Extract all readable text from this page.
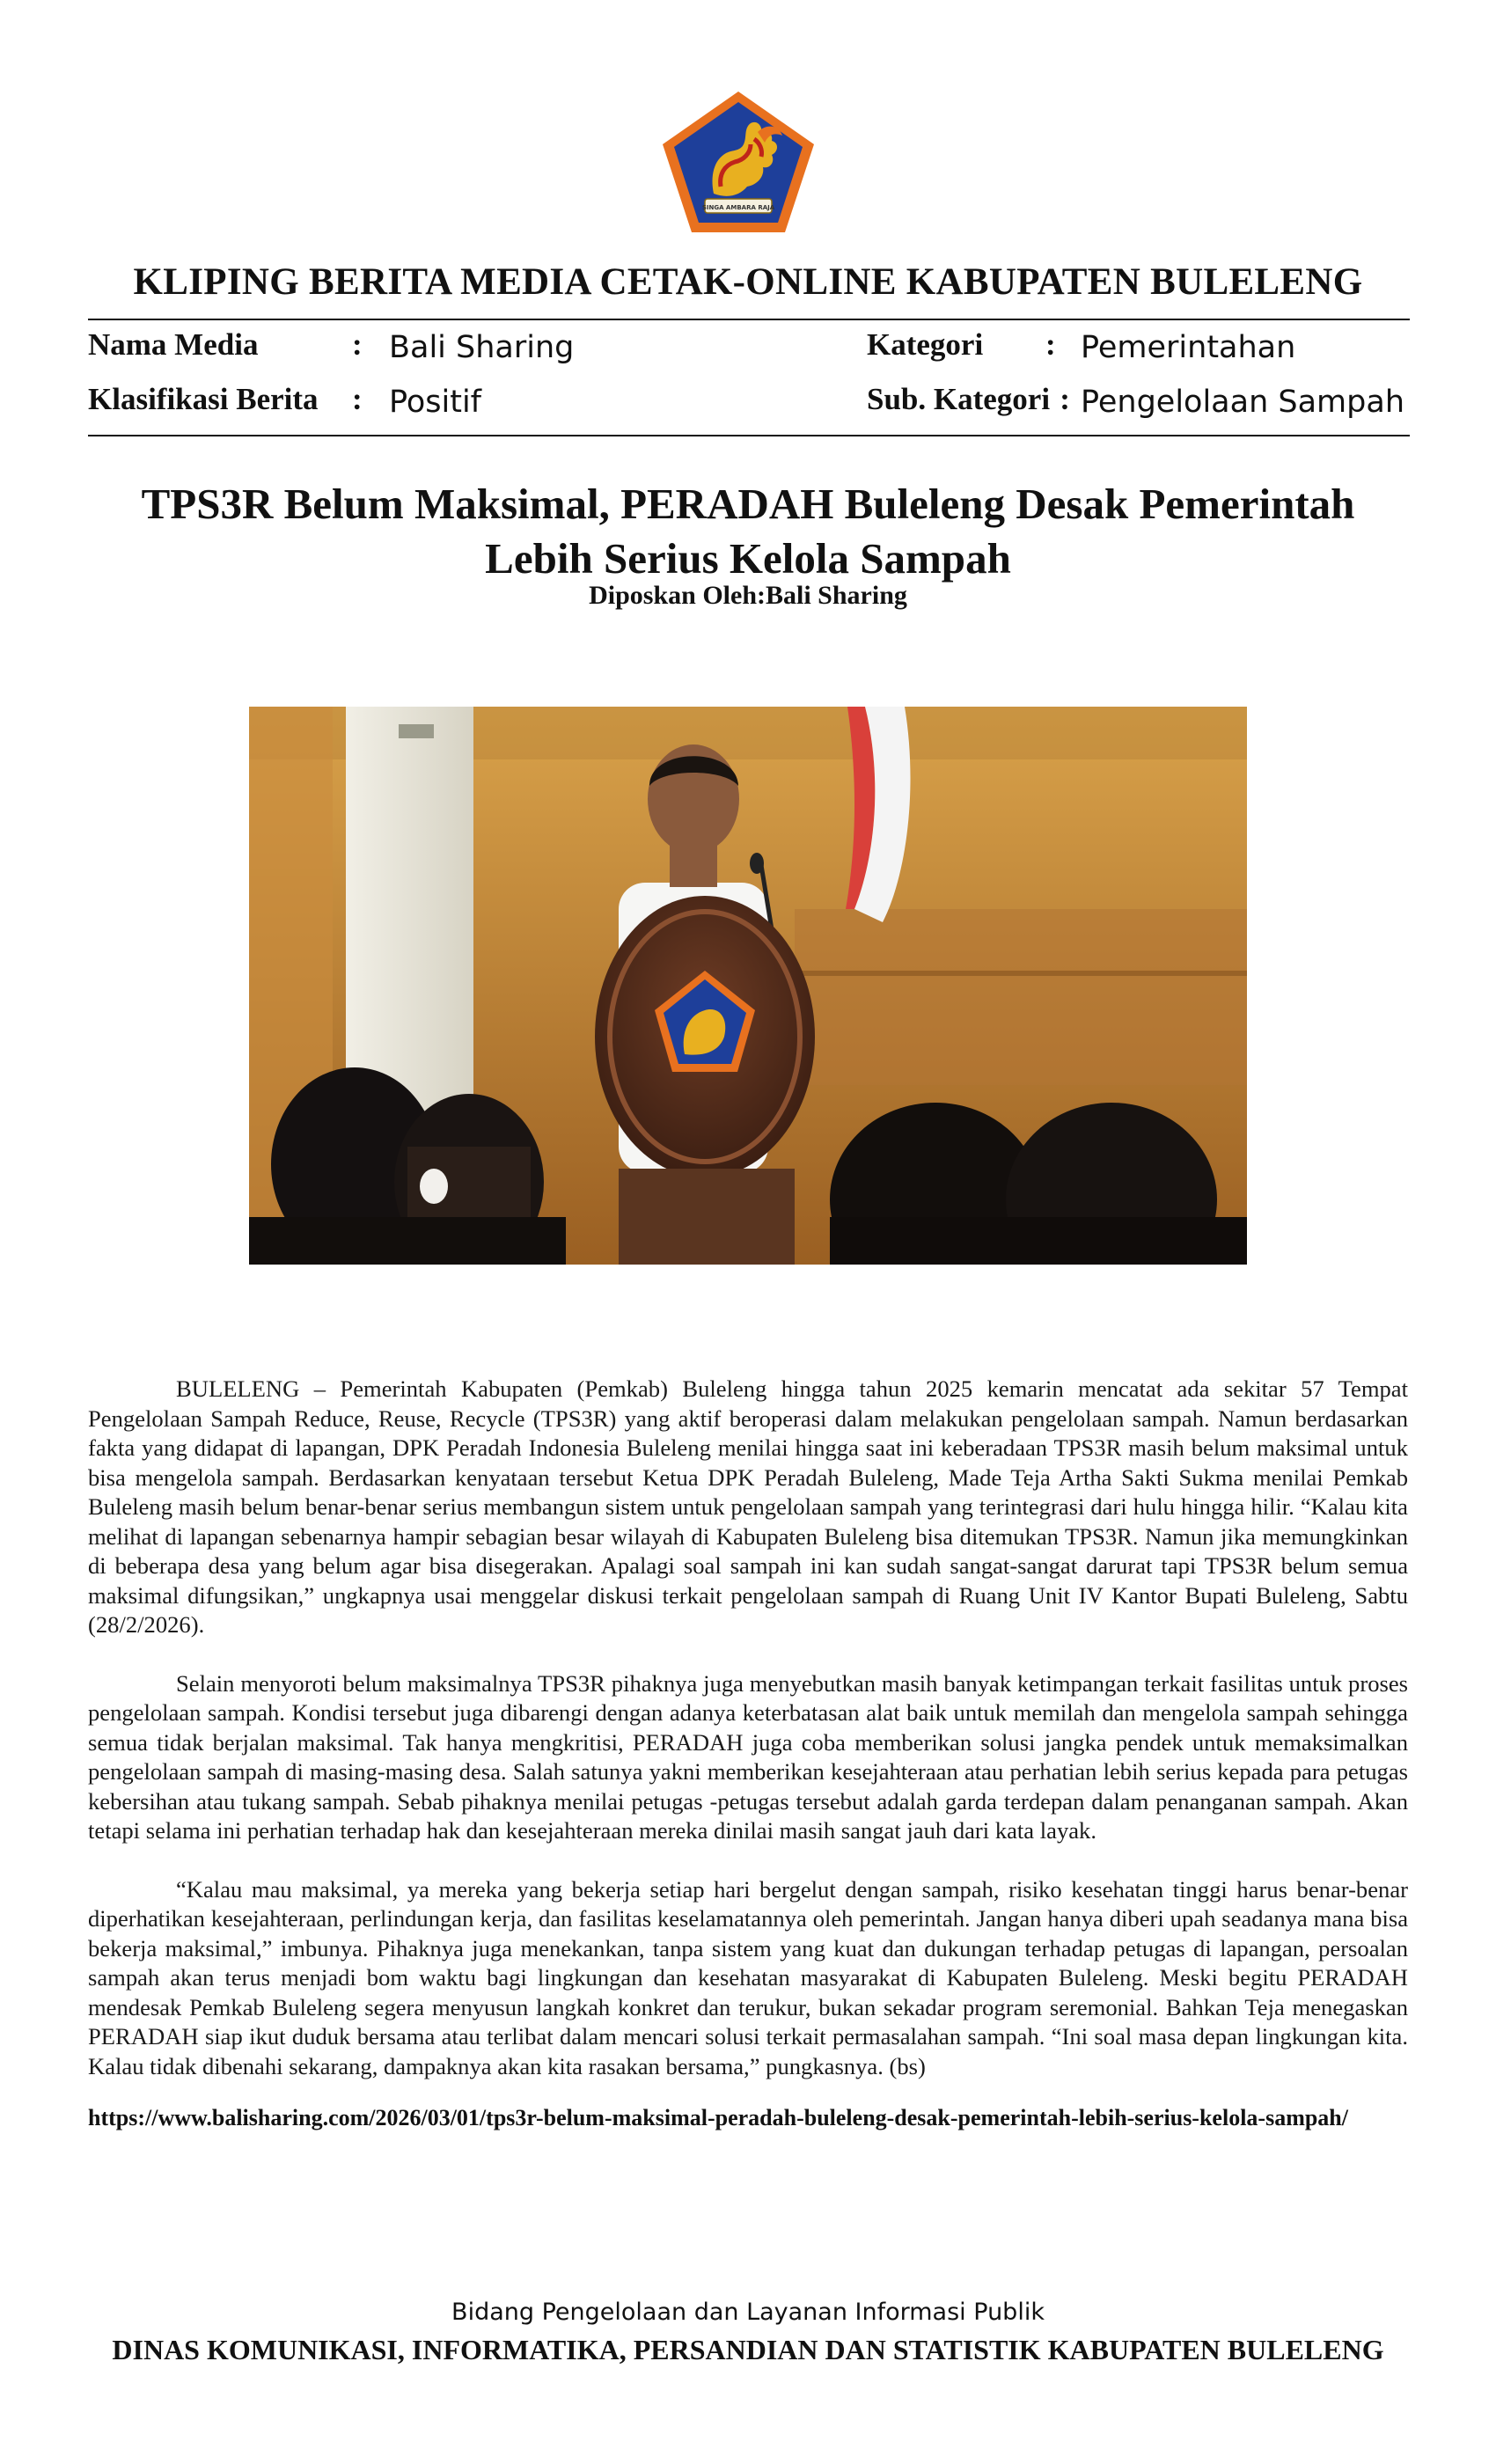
SINGA AMBARA RAJA
KLIPING BERITA MEDIA CETAK-ONLINE KABUPATEN BULELENG
Nama Media	: Bali Sharing
Klasifikasi Berita : Positif
Kategori : Pemerintahan
Sub. Kategori : Pengelolaan Sampah
TPS3R Belum Maksimal, PERADAH Buleleng Desak Pemerintah
Lebih Serius Kelola Sampah
Diposkan Oleh:Bali Sharing

BULELENG – Pemerintah Kabupaten (Pemkab) Buleleng hingga tahun 2025 kemarin mencatat ada sekitar 57 Tempat Pengelolaan Sampah Reduce, Reuse, Recycle (TPS3R) yang aktif beroperasi dalam melakukan pengelolaan sampah. Namun berdasarkan fakta yang didapat di lapangan, DPK Peradah Indonesia Buleleng menilai hingga saat ini keberadaan TPS3R masih belum maksimal untuk bisa mengelola sampah. Berdasarkan kenyataan tersebut Ketua DPK Peradah Buleleng, Made Teja Artha Sakti Sukma menilai Pemkab Buleleng masih belum benar-benar serius membangun sistem untuk pengelolaan sampah yang terintegrasi dari hulu hingga hilir. “Kalau kita melihat di lapangan sebenarnya hampir sebagian besar wilayah di Kabupaten Buleleng bisa ditemukan TPS3R. Namun jika memungkinkan di beberapa desa yang belum agar bisa disegerakan. Apalagi soal sampah ini kan sudah sangat-sangat darurat tapi TPS3R belum semua maksimal difungsikan,” ungkapnya usai menggelar diskusi terkait pengelolaan sampah di Ruang Unit IV Kantor Bupati Buleleng, Sabtu (28/2/2026).

Selain menyoroti belum maksimalnya TPS3R pihaknya juga menyebutkan masih banyak ketimpangan terkait fasilitas untuk proses pengelolaan sampah. Kondisi tersebut juga dibarengi dengan adanya keterbatasan alat baik untuk memilah dan mengelola sampah sehingga semua tidak berjalan maksimal. Tak hanya mengkritisi, PERADAH juga coba memberikan solusi jangka pendek untuk memaksimalkan pengelolaan sampah di masing-masing desa. Salah satunya yakni memberikan kesejahteraan atau perhatian lebih serius kepada para petugas kebersihan atau tukang sampah. Sebab pihaknya menilai petugas -petugas tersebut adalah garda terdepan dalam penanganan sampah. Akan tetapi selama ini perhatian terhadap hak dan kesejahteraan mereka dinilai masih sangat jauh dari kata layak.

“Kalau mau maksimal, ya mereka yang bekerja setiap hari bergelut dengan sampah, risiko kesehatan tinggi harus benar-benar diperhatikan kesejahteraan, perlindungan kerja, dan fasilitas keselamatannya oleh pemerintah. Jangan hanya diberi upah seadanya mana bisa bekerja maksimal,” imbunya. Pihaknya juga menekankan, tanpa sistem yang kuat dan dukungan terhadap petugas di lapangan, persoalan sampah akan terus menjadi bom waktu bagi lingkungan dan kesehatan masyarakat di Kabupaten Buleleng. Meski begitu PERADAH mendesak Pemkab Buleleng segera menyusun langkah konkret dan terukur, bukan sekadar program seremonial. Bahkan Teja menegaskan PERADAH siap ikut duduk bersama atau terlibat dalam mencari solusi terkait permasalahan sampah. “Ini soal masa depan lingkungan kita. Kalau tidak dibenahi sekarang, dampaknya akan kita rasakan bersama,” pungkasnya. (bs)

https://www.balisharing.com/2026/03/01/tps3r-belum-maksimal-peradah-buleleng-desak-pemerintah-lebih-serius-kelola-sampah/
Bidang Pengelolaan dan Layanan Informasi Publik
DINAS KOMUNIKASI, INFORMATIKA, PERSANDIAN DAN STATISTIK KABUPATEN BULELENG
